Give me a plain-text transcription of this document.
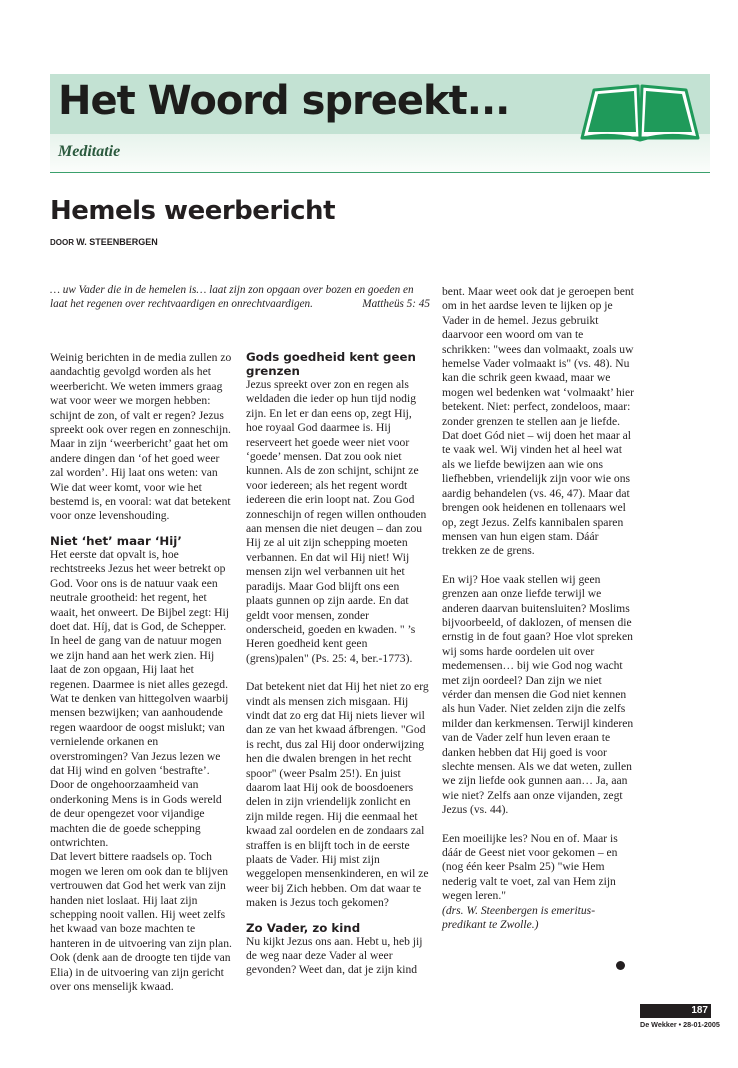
Het Woord spreekt...
Meditatie
Hemels weerbericht
DOOR W. STEENBERGEN
… uw Vader die in de hemelen is… laat zijn zon opgaan over bozen en goeden en laat het regenen over rechtvaardigen en onrechtvaardigen.	Mattheüs 5: 45

Weinig berichten in de media zullen zo aandachtig gevolgd worden als het weerbericht. We weten immers graag wat voor weer we morgen hebben: schijnt de zon, of valt er regen? Jezus spreekt ook over regen en zonneschijn. Maar in zijn ‘weerbericht’ gaat het om andere dingen dan ‘of het goed weer zal worden’. Hij laat ons weten: van Wie dat weer komt, voor wie het bestemd is, en vooral: wat dat betekent voor onze levenshouding.

Niet ‘het’ maar ‘Hij’

Het eerste dat opvalt is, hoe rechtstreeks Jezus het weer betrekt op God. Voor ons is de natuur vaak een neutrale grootheid: het regent, het waait, het onweert. De Bijbel zegt: Hij doet dat. Híj, dat is God, de Schepper. In heel de gang van de natuur mogen we zijn hand aan het werk zien. Hij laat de zon opgaan, Hij laat het regenen. Daarmee is niet alles gezegd. Wat te denken van hittegolven waarbij mensen bezwijken; van aanhoudende regen waardoor de oogst mislukt; van vernielende orkanen en overstromingen? Van Jezus lezen we dat Hij wind en golven ‘bestrafte’. Door de ongehoorzaamheid van onderkoning Mens is in Gods wereld de deur opengezet voor vijandige machten die de goede schepping ontwrichten.

Dat levert bittere raadsels op. Toch mogen we leren om ook dan te blijven vertrouwen dat God het werk van zijn handen niet loslaat. Hij laat zijn schepping nooit vallen. Hij weet zelfs het kwaad van boze machten te hanteren in de uitvoering van zijn plan. Ook (denk aan de droogte ten tijde van Elia) in de uitvoering van zijn gericht over ons menselijk kwaad.

Gods goedheid kent geen grenzen

Jezus spreekt over zon en regen als weldaden die ieder op hun tijd nodig zijn. En let er dan eens op, zegt Hij, hoe royaal God daarmee is. Hij reserveert het goede weer niet voor ‘goede’ mensen. Dat zou ook niet kunnen. Als de zon schijnt, schijnt ze voor iedereen; als het regent wordt iedereen die erin loopt nat. Zou God zonneschijn of regen willen onthouden aan mensen die niet deugen – dan zou Hij ze al uit zijn schepping moeten verbannen. En dat wil Hij niet! Wij mensen zijn wel verbannen uit het paradijs. Maar God blijft ons een plaats gunnen op zijn aarde. En dat geldt voor mensen, zonder onderscheid, goeden en kwaden. " ’s Heren goedheid kent geen (grens)palen" (Ps. 25: 4, ber.-1773).

Dat betekent niet dat Hij het niet zo erg vindt als mensen zich misgaan. Hij vindt dat zo erg dat Hij niets liever wil dan ze van het kwaad áfbrengen. "God is recht, dus zal Hij door onderwijzing hen die dwalen brengen in het recht spoor" (weer Psalm 25!). En juist daarom laat Hij ook de boosdoeners delen in zijn vriendelijk zonlicht en zijn milde regen. Hij die eenmaal het kwaad zal oordelen en de zondaars zal straffen is en blijft toch in de eerste plaats de Vader. Hij mist zijn weggelopen mensenkinderen, en wil ze weer bij Zich hebben. Om dat waar te maken is Jezus toch gekomen?

Zo Vader, zo kind

Nu kijkt Jezus ons aan. Hebt u, heb jij de weg naar deze Vader al weer gevonden? Weet dan, dat je zijn kind

bent. Maar weet ook dat je geroepen bent om in het aardse leven te lijken op je Vader in de hemel. Jezus gebruikt daarvoor een woord om van te schrikken: "wees dan volmaakt, zoals uw hemelse Vader volmaakt is" (vs. 48). Nu kan die schrik geen kwaad, maar we mogen wel bedenken wat ‘volmaakt’ hier betekent. Niet: perfect, zondeloos, maar: zonder grenzen te stellen aan je liefde. Dat doet Gód niet – wij doen het maar al te vaak wel. Wij vinden het al heel wat als we liefde bewijzen aan wie ons liefhebben, vriendelijk zijn voor wie ons aardig behandelen (vs. 46, 47). Maar dat brengen ook heidenen en tollenaars wel op, zegt Jezus. Zelfs kannibalen sparen mensen van hun eigen stam. Dáár trekken ze de grens.

En wij? Hoe vaak stellen wij geen grenzen aan onze liefde terwijl we anderen daarvan buitensluiten? Moslims bijvoorbeeld, of daklozen, of mensen die ernstig in de fout gaan? Hoe vlot spreken wij soms harde oordelen uit over medemensen… bij wie God nog wacht met zijn oordeel? Dan zijn we niet vérder dan mensen die God niet kennen als hun Vader. Niet zelden zijn die zelfs milder dan kerkmensen. Terwijl kinderen van de Vader zelf hun leven eraan te danken hebben dat Hij goed is voor slechte mensen. Als we dat weten, zullen we zijn liefde ook gunnen aan… Ja, aan wie niet? Zelfs aan onze vijanden, zegt Jezus (vs. 44).

Een moeilijke les? Nou en of. Maar is dáár de Geest niet voor gekomen – en (nog één keer Psalm 25) "wie Hem nederig valt te voet, zal van Hem zijn wegen leren."

(drs. W. Steenbergen is emeritus-predikant te Zwolle.)

187
De Wekker • 28-01-2005
